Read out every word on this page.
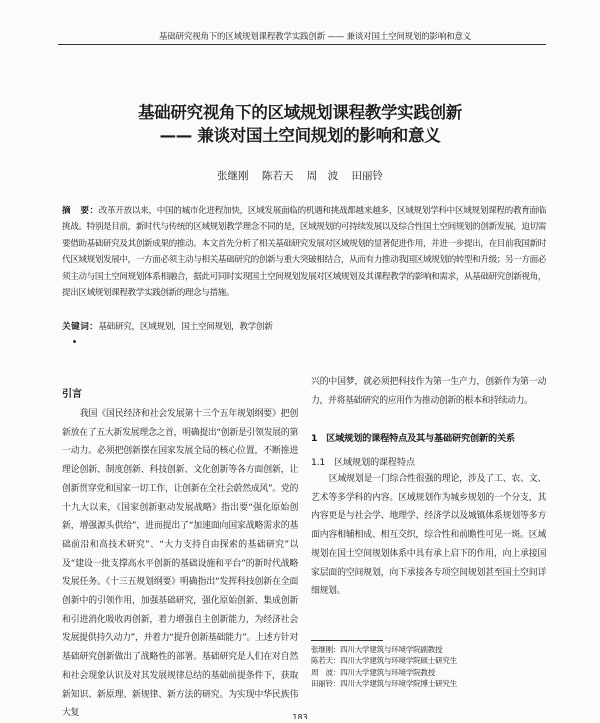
基础研究视角下的区域规划课程教学实践创新 —— 兼谈对国土空间规划的影响和意义
基础研究视角下的区域规划课程教学实践创新
—— 兼谈对国土空间规划的影响和意义
张继刚 陈若天 周　波 田丽铃
摘　要：改革开放以来，中国的城市化进程加快，区域发展面临的机遇和挑战都越来越多，区域规划学科中区域规划课程的教育面临挑战。特别是目前，新时代与传统的区域规划教学理念不同的是，区域规划的可持续发展以及综合性国土空间规划的创新发展，迫切需要借助基础研究及其创新成果的推动。本文首先分析了相关基础研究发展对区域规划的显著促进作用，并进一步提出，在目前我国新时代区域规划发展中，一方面必须主动与相关基础研究的创新与重大突破相结合，从而有力推动我国区域规划的转型和升级；另一方面必须主动与国土空间规划体系相融合，据此可同时实现国土空间规划发展对区域规划及其课程教学的影响和需求，从基础研究创新视角，提出区域规划课程教学实践创新的理念与措施。
关键词：基础研究，区域规划，国土空间规划，教学创新
引言

我国《国民经济和社会发展第十三个五年规划纲要》把创新放在了五大新发展理念之首，明确提出“创新是引领发展的第一动力。必须把创新摆在国家发展全局的核心位置，不断推进理论创新、制度创新、科技创新、文化创新等各方面创新，让创新贯穿党和国家一切工作，让创新在全社会蔚然成风”。党的十九大以来，《国家创新驱动发展战略》指出要“强化原始创新，增强源头供给”，进而提出了“加速面向国家战略需求的基础前沿和高技术研究”、“大力支持自由探索的基础研究”以及“建设一批支撑高水平创新的基础设施和平台”的新时代战略发展任务。《十三五规划纲要》明确指出“发挥科技创新在全面创新中的引领作用，加强基础研究，强化原始创新、集成创新和引进消化吸收再创新，着力增强自主创新能力，为经济社会发展提供持久动力”，并着力“提升创新基础能力”。上述方针对基础研究创新做出了战略性的部署。基础研究是人们在对自然和社会现象认识及对其发展规律总结的基础前提条件下，获取新知识、新原理、新规律、新方法的研究。为实现中华民族伟大复

兴的中国梦，就必须把科技作为第一生产力，创新作为第一动力，并将基础研究的应用作为推动创新的根本和持续动力。

1　区域规划的课程特点及其与基础研究创新的关系
1.1　区域规划的课程特点

区域规划是一门综合性很强的理论，涉及了工、农、文、艺术等多学科的内容。区域规划作为城乡规划的一个分支，其内容更是与社会学、地理学、经济学以及城镇体系规划等多方面内容相辅相成、相互交织，综合性和前瞻性可见一斑。区域规划在国土空间规划体系中具有承上启下的作用，向上承接国家层面的空间规划，向下承接各专项空间规划甚至国土空间详细规划。

张继刚：四川大学建筑与环境学院副教授
陈若天：四川大学建筑与环境学院硕士研究生
周　波：四川大学建筑与环境学院教授
田丽铃：四川大学建筑与环境学院博士研究生
183
